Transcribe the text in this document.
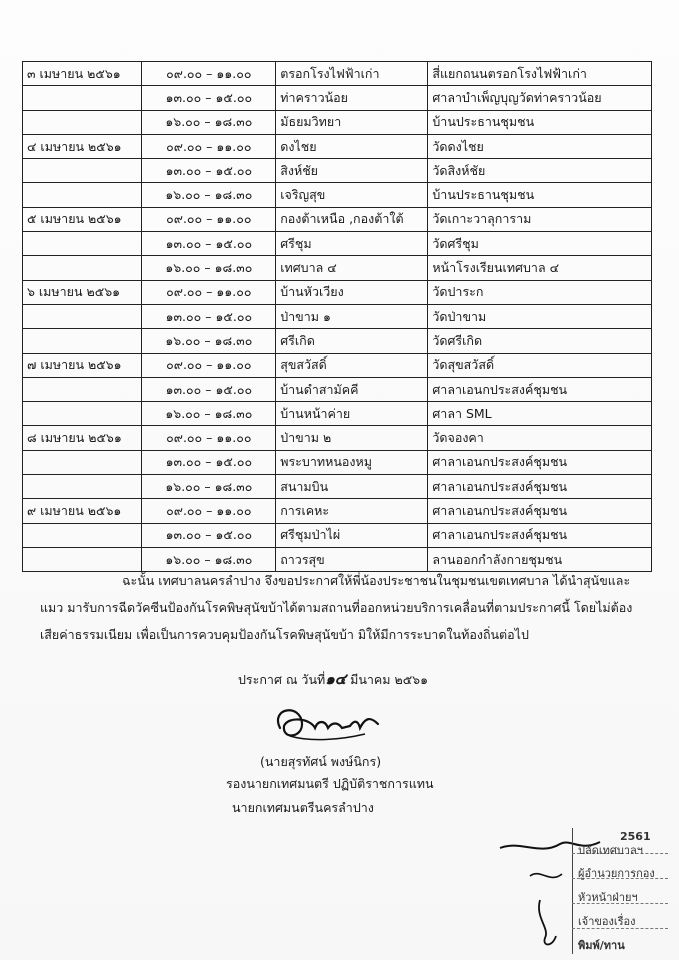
๓ เมษายน ๒๕๖๑	๐๙.๐๐ – ๑๑.๐๐	ตรอกโรงไฟฟ้าเก่า	สี่แยกถนนตรอกโรงไฟฟ้าเก่า
	๑๓.๐๐ – ๑๕.๐๐	ท่าคราวน้อย	ศาลาบำเพ็ญบุญวัดท่าคราวน้อย
	๑๖.๐๐ – ๑๘.๓๐	มัธยมวิทยา	บ้านประธานชุมชน
๔ เมษายน ๒๕๖๑	๐๙.๐๐ – ๑๑.๐๐	ดงไชย	วัดดงไชย
	๑๓.๐๐ – ๑๕.๐๐	สิงห์ชัย	วัดสิงห์ชัย
	๑๖.๐๐ – ๑๘.๓๐	เจริญสุข	บ้านประธานชุมชน
๕ เมษายน ๒๕๖๑	๐๙.๐๐ – ๑๑.๐๐	กองต้าเหนือ ,กองต้าใต้	วัดเกาะวาลุการาม
	๑๓.๐๐ – ๑๕.๐๐	ศรีชุม	วัดศรีชุม
	๑๖.๐๐ – ๑๘.๓๐	เทศบาล ๔	หน้าโรงเรียนเทศบาล ๔
๖ เมษายน ๒๕๖๑	๐๙.๐๐ – ๑๑.๐๐	บ้านหัวเวียง	วัดปาระก
	๑๓.๐๐ – ๑๕.๐๐	ป่าขาม ๑	วัดป่าขาม
	๑๖.๐๐ – ๑๘.๓๐	ศรีเกิด	วัดศรีเกิด
๗ เมษายน ๒๕๖๑	๐๙.๐๐ – ๑๑.๐๐	สุขสวัสดิ์	วัดสุขสวัสดิ์
	๑๓.๐๐ – ๑๕.๐๐	บ้านดำสามัคคี	ศาลาเอนกประสงค์ชุมชน
	๑๖.๐๐ – ๑๘.๓๐	บ้านหน้าค่าย	ศาลา SML
๘ เมษายน ๒๕๖๑	๐๙.๐๐ – ๑๑.๐๐	ป่าขาม ๒	วัดจองคา
	๑๓.๐๐ – ๑๕.๐๐	พระบาทหนองหมู	ศาลาเอนกประสงค์ชุมชน
	๑๖.๐๐ – ๑๘.๓๐	สนามบิน	ศาลาเอนกประสงค์ชุมชน
๙ เมษายน ๒๕๖๑	๐๙.๐๐ – ๑๑.๐๐	การเคหะ	ศาลาเอนกประสงค์ชุมชน
	๑๓.๐๐ – ๑๕.๐๐	ศรีชุมป่าไผ่	ศาลาเอนกประสงค์ชุมชน
	๑๖.๐๐ – ๑๘.๓๐	ถาวรสุข	ลานออกกำลังกายชุมชน
ฉะนั้น เทศบาลนครลำปาง จึงขอประกาศให้พี่น้องประชาชนในชุมชนเขตเทศบาล ได้นำสุนัขและ
แมว มารับการฉีดวัคซีนป้องกันโรคพิษสุนัขบ้าได้ตามสถานที่ออกหน่วยบริการเคลื่อนที่ตามประกาศนี้ โดยไม่ต้อง
เสียค่าธรรมเนียม เพื่อเป็นการควบคุมป้องกันโรคพิษสุนัขบ้า มิให้มีการระบาดในท้องถิ่นต่อไป
ประกาศ ณ วันที่๑๔ มีนาคม ๒๕๖๑
(นายสุรทัศน์ พงษ์นิกร)
รองนายกเทศมนตรี ปฏิบัติราชการแทน
นายกเทศมนตรีนครลำปาง
2561
ปลัดเทศบาลฯ
ผู้อำนวยการกอง
หัวหน้าฝ่ายฯ
เจ้าของเรื่อง
พิมพ์/ทาน
